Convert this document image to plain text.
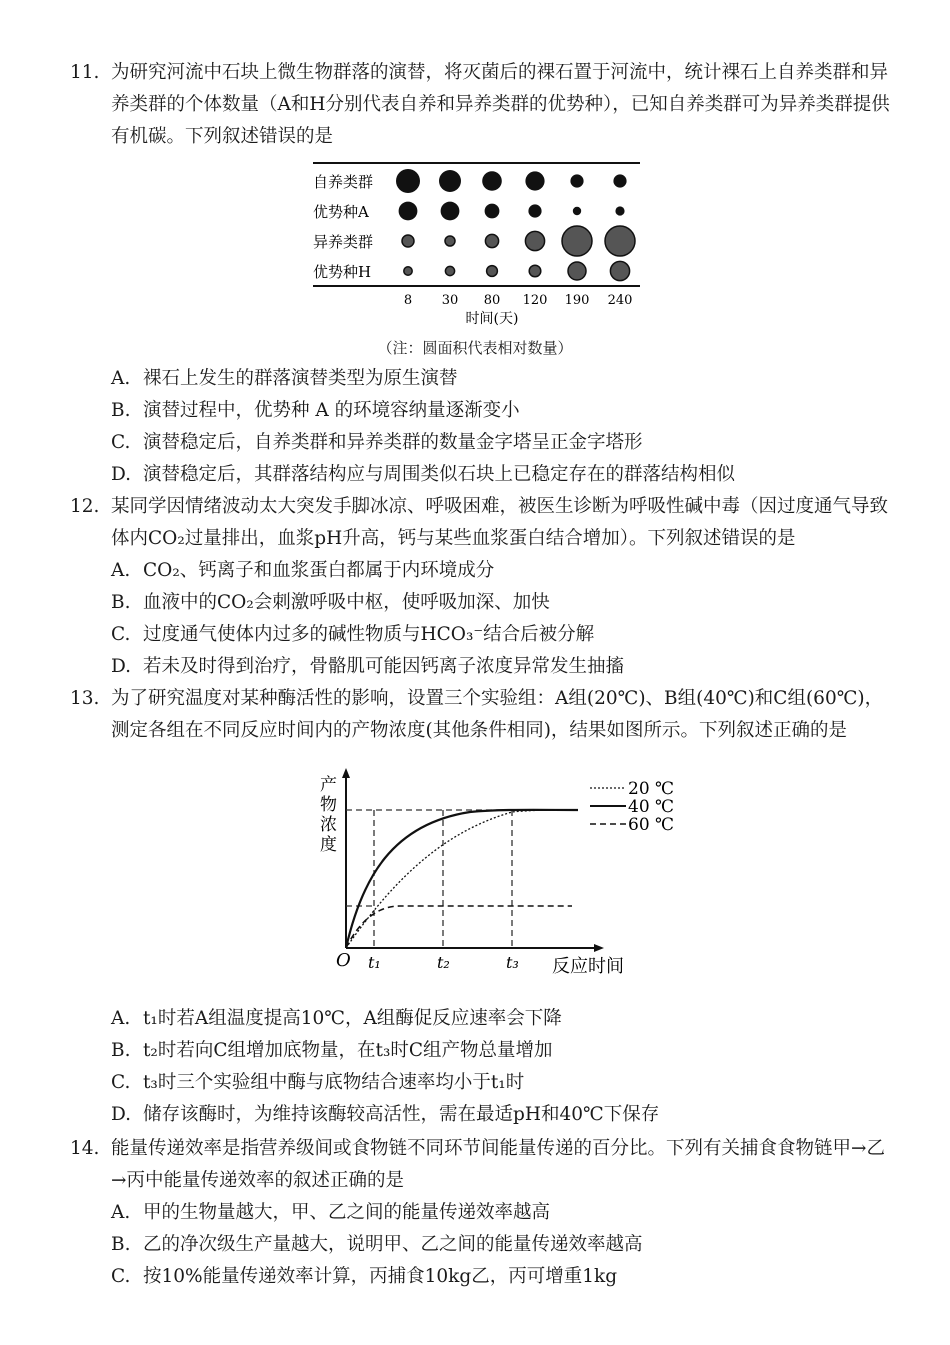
11. 为研究河流中石块上微生物群落的演替，将灭菌后的裸石置于河流中，统计裸石上自养类群和异养类群的个体数量（A和H分别代表自养和异养类群的优势种），已知自养类群可为异养类群提供有机碳。下列叙述错误的是
自养类群
优势种A
异养类群
优势种H
8 30 80 120 190 240
时间(天)
（注：圆面积代表相对数量）
A. 裸石上发生的群落演替类型为原生演替
B. 演替过程中，优势种 A 的环境容纳量逐渐变小
C. 演替稳定后，自养类群和异养类群的数量金字塔呈正金字塔形
D. 演替稳定后，其群落结构应与周围类似石块上已稳定存在的群落结构相似
12. 某同学因情绪波动太大突发手脚冰凉、呼吸困难，被医生诊断为呼吸性碱中毒（因过度通气导致体内CO₂过量排出，血浆pH升高，钙与某些血浆蛋白结合增加）。下列叙述错误的是
A. CO₂、钙离子和血浆蛋白都属于内环境成分
B. 血液中的CO₂会刺激呼吸中枢，使呼吸加深、加快
C. 过度通气使体内过多的碱性物质与HCO₃⁻结合后被分解
D. 若未及时得到治疗，骨骼肌可能因钙离子浓度异常发生抽搐
13. 为了研究温度对某种酶活性的影响，设置三个实验组：A组(20℃)、B组(40℃)和C组(60℃)，测定各组在不同反应时间内的产物浓度(其他条件相同)，结果如图所示。下列叙述正确的是
产
物
浓
度
O t₁	t₂	t₃ 反应时间
20 ℃
40 ℃
60 ℃
A. t₁时若A组温度提高10℃，A组酶促反应速率会下降
B. t₂时若向C组增加底物量，在t₃时C组产物总量增加
C. t₃时三个实验组中酶与底物结合速率均小于t₁时
D. 储存该酶时，为维持该酶较高活性，需在最适pH和40℃下保存
14. 能量传递效率是指营养级间或食物链不同环节间能量传递的百分比。下列有关捕食食物链甲→乙→丙中能量传递效率的叙述正确的是
A. 甲的生物量越大，甲、乙之间的能量传递效率越高
B. 乙的净次级生产量越大，说明甲、乙之间的能量传递效率越高
C. 按10%能量传递效率计算，丙捕食10kg乙，丙可增重1kg
